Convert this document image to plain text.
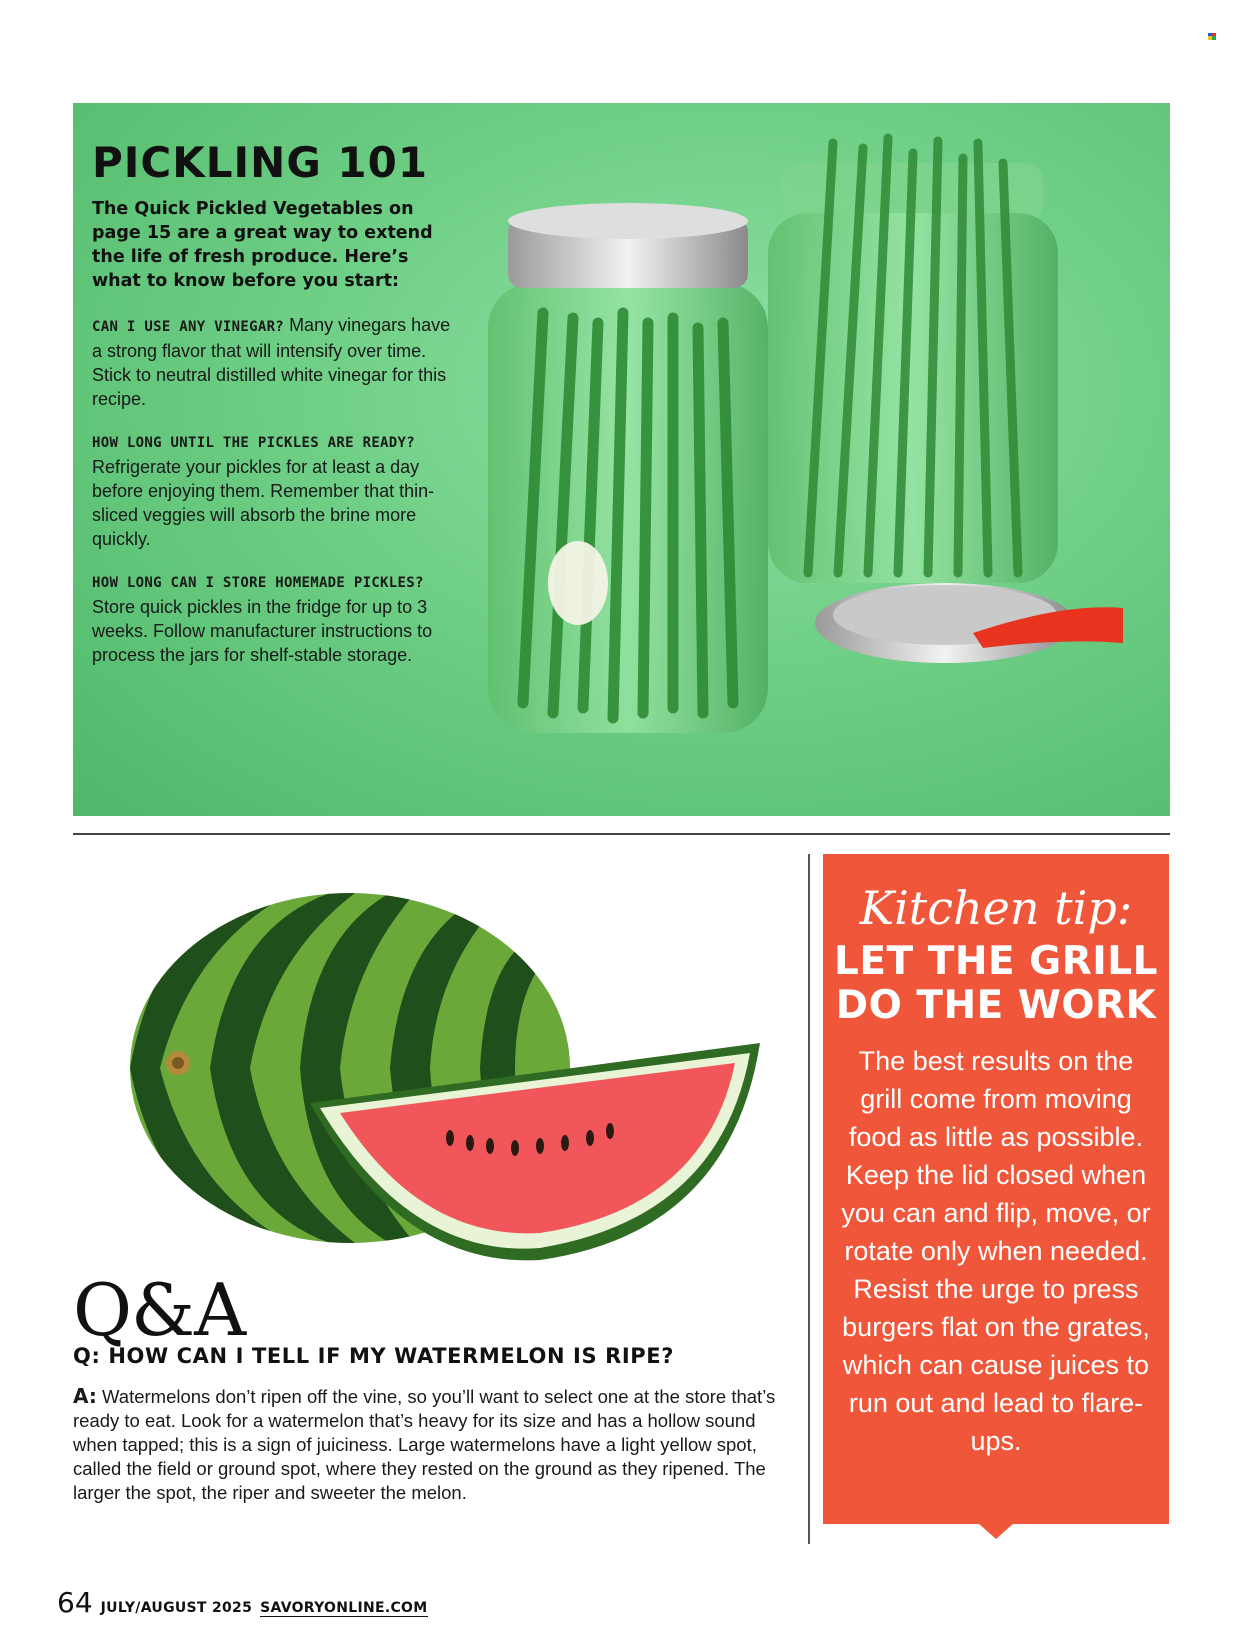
PICKLING 101

The Quick Pickled Vegetables on page 15 are a great way to extend the life of fresh produce. Here’s what to know before you start:

CAN I USE ANY VINEGAR? Many vinegars have a strong flavor that will intensify over time. Stick to neutral distilled white vinegar for this recipe.
HOW LONG UNTIL THE PICKLES ARE READY?
Refrigerate your pickles for at least a day before enjoying them. Remember that thin-sliced veggies will absorb the brine more quickly.
HOW LONG CAN I STORE HOMEMADE PICKLES?
Store quick pickles in the fridge for up to 3 weeks. Follow manufacturer instructions to process the jars for shelf-stable storage.
Q&A
Q: HOW CAN I TELL IF MY WATERMELON IS RIPE?

A: Watermelons don’t ripen off the vine, so you’ll want to select one at the store that’s ready to eat. Look for a watermelon that’s heavy for its size and has a hollow sound when tapped; this is a sign of juiciness. Large watermelons have a light yellow spot, called the field or ground spot, where they rested on the ground as they ripened. The larger the spot, the riper and sweeter the melon.

Kitchen tip:
LET THE GRILL
DO THE WORK

The best results on the grill come from moving food as little as possible. Keep the lid closed when you can and flip, move, or rotate only when needed. Resist the urge to press burgers flat on the grates, which can cause juices to run out and lead to flare-ups.

64 JULY/AUGUST 2025 SAVORYONLINE.COM
